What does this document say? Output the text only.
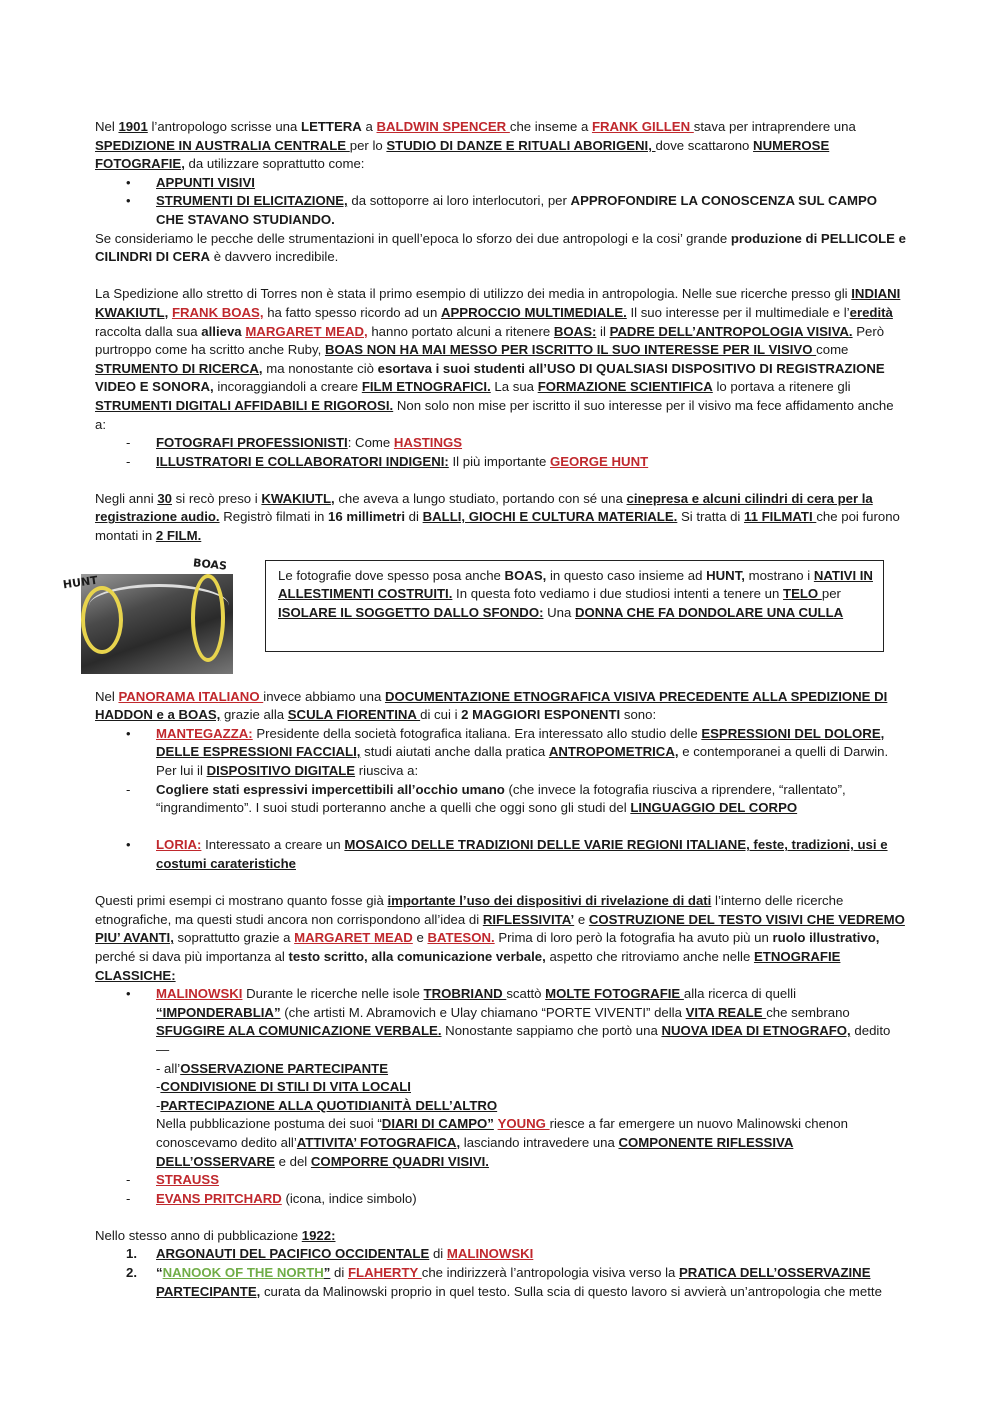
Nel 1901 l’antropologo scrisse una LETTERA a BALDWIN SPENCER che inseme a FRANK GILLEN stava per intraprendere una SPEDIZIONE IN AUSTRALIA CENTRALE per lo STUDIO DI DANZE E RITUALI ABORIGENI, dove scattarono NUMEROSE FOTOGRAFIE, da utilizzare soprattutto come:

• APPUNTI VISIVI
• STRUMENTI DI ELICITAZIONE, da sottoporre ai loro interlocutori, per APPROFONDIRE LA CONOSCENZA SUL CAMPO CHE STAVANO STUDIANDO.

Se consideriamo le pecche delle strumentazioni in quell’epoca lo sforzo dei due antropologi e la cosi’ grande produzione di PELLICOLE e CILINDRI DI CERA è davvero incredibile.

La Spedizione allo stretto di Torres non è stata il primo esempio di utilizzo dei media in antropologia. Nelle sue ricerche presso gli INDIANI KWAKIUTL, FRANK BOAS, ha fatto spesso ricordo ad un APPROCCIO MULTIMEDIALE. Il suo interesse per il multimediale e l’eredità raccolta dalla sua allieva MARGARET MEAD, hanno portato alcuni a ritenere BOAS: il PADRE DELL’ANTROPOLOGIA VISIVA. Però purtroppo come ha scritto anche Ruby, BOAS NON HA MAI MESSO PER ISCRITTO IL SUO INTERESSE PER IL VISIVO come STRUMENTO DI RICERCA, ma nonostante ciò esortava i suoi studenti all’USO DI QUALSIASI DISPOSITIVO DI REGISTRAZIONE VIDEO E SONORA, incoraggiandoli a creare FILM ETNOGRAFICI. La sua FORMAZIONE SCIENTIFICA lo portava a ritenere gli STRUMENTI DIGITALI AFFIDABILI E RIGOROSI. Non solo non mise per iscritto il suo interesse per il visivo ma fece affidamento anche a:

- FOTOGRAFI PROFESSIONISTI: Come HASTINGS
- ILLUSTRATORI E COLLABORATORI INDIGENI: Il più importante GEORGE HUNT

Negli anni 30 si recò preso i KWAKIUTL, che aveva a lungo studiato, portando con sé una cinepresa e alcuni cilindri di cera per la registrazione audio. Registrò filmati in 16 millimetri di BALLI, GIOCHI E CULTURA MATERIALE. Si tratta di 11 FILMATI che poi furono montati in 2 FILM.

HUNT
BOAS
Le fotografie dove spesso posa anche BOAS, in questo caso insieme ad HUNT, mostrano i NATIVI IN ALLESTIMENTI COSTRUITI. In questa foto vediamo i due studiosi intenti a tenere un TELO per ISOLARE IL SOGGETTO DALLO SFONDO: Una DONNA CHE FA DONDOLARE UNA CULLA

Nel PANORAMA ITALIANO invece abbiamo una DOCUMENTAZIONE ETNOGRAFICA VISIVA PRECEDENTE ALLA SPEDIZIONE DI HADDON e a BOAS, grazie alla SCULA FIORENTINA di cui i 2 MAGGIORI ESPONENTI sono:

• MANTEGAZZA: Presidente della società fotografica italiana. Era interessato allo studio delle ESPRESSIONI DEL DOLORE, DELLE ESPRESSIONI FACCIALI, studi aiutati anche dalla pratica ANTROPOMETRICA, e contemporanei a quelli di Darwin. Per lui il DISPOSITIVO DIGITALE riusciva a:
- Cogliere stati espressivi impercettibili all’occhio umano (che invece la fotografia riusciva a riprendere, “rallentato”, “ingrandimento”. I suoi studi porteranno anche a quelli che oggi sono gli studi del LINGUAGGIO DEL CORPO
• LORIA: Interessato a creare un MOSAICO DELLE TRADIZIONI DELLE VARIE REGIONI ITALIANE, feste, tradizioni, usi e costumi carateristiche

Questi primi esempi ci mostrano quanto fosse già importante l’uso dei dispositivi di rivelazione di dati l’interno delle ricerche etnografiche, ma questi studi ancora non corrispondono all’idea di RIFLESSIVITA’ e COSTRUZIONE DEL TESTO VISIVI CHE VEDREMO PIU’ AVANTI, soprattutto grazie a MARGARET MEAD e BATESON. Prima di loro però la fotografia ha avuto più un ruolo illustrativo, perché si dava più importanza al testo scritto, alla comunicazione verbale, aspetto che ritroviamo anche nelle ETNOGRAFIE CLASSICHE:

• MALINOWSKI Durante le ricerche nelle isole TROBRIAND scattò MOLTE FOTOGRAFIE alla ricerca di quelli “IMPONDERABLIA” (che artisti M. Abramovich e Ulay chiamano “PORTE VIVENTI” della VITA REALE che sembrano SFUGGIRE ALA COMUNICAZIONE VERBALE. Nonostante sappiamo che portò una NUOVA IDEA DI ETNOGRAFO, dedito —
- all’OSSERVAZIONE PARTECIPANTE
-CONDIVISIONE DI STILI DI VITA LOCALI
-PARTECIPAZIONE ALLA QUOTIDIANITÀ DELL’ALTRO
Nella pubblicazione postuma dei suoi “DIARI DI CAMPO” YOUNG riesce a far emergere un nuovo Malinowski chenon conoscevamo dedito all’ATTIVITA’ FOTOGRAFICA, lasciando intravedere una COMPONENTE RIFLESSIVA DELL’OSSERVARE e del COMPORRE QUADRI VISIVI.
- STRAUSS
- EVANS PRITCHARD (icona, indice simbolo)

Nello stesso anno di pubblicazione 1922:

1. ARGONAUTI DEL PACIFICO OCCIDENTALE di MALINOWSKI
2. “NANOOK OF THE NORTH” di FLAHERTY che indirizzerà l’antropologia visiva verso la PRATICA DELL’OSSERVAZINE PARTECIPANTE, curata da Malinowski proprio in quel testo. Sulla scia di questo lavoro si avvierà un’antropologia che mette
